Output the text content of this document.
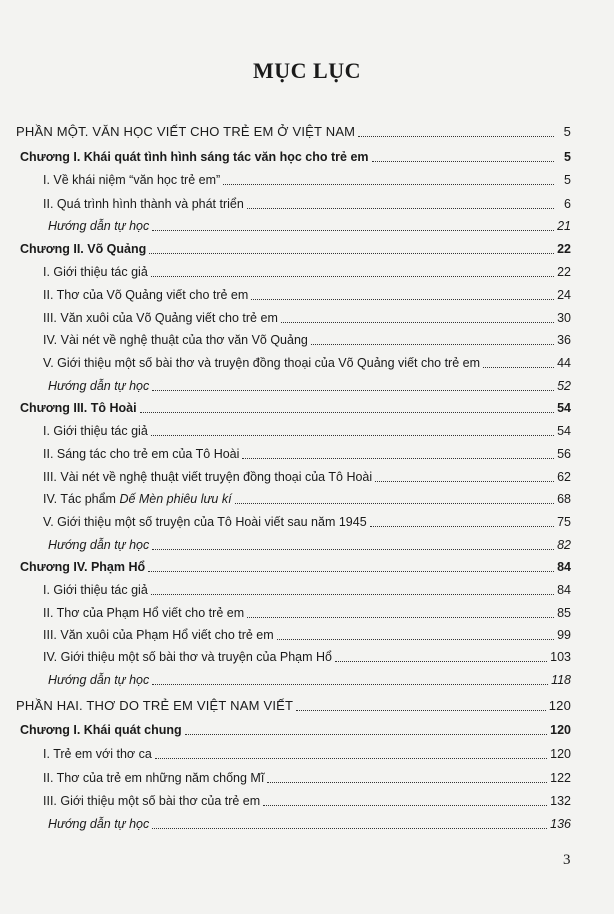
MỤC LỤC
PHẦN MỘT. VĂN HỌC VIẾT CHO TRẺ EM Ở VIỆT NAM	5
Chương I. Khái quát tình hình sáng tác văn học cho trẻ em	5
I. Về khái niệm “văn học trẻ em”	5
II. Quá trình hình thành và phát triển	6
Hướng dẫn tự học	21
Chương II. Võ Quảng	22
I. Giới thiệu tác giả	22
II. Thơ của Võ Quảng viết cho trẻ em	24
III. Văn xuôi của Võ Quảng viết cho trẻ em	30
IV. Vài nét về nghệ thuật của thơ văn Võ Quảng	36
V. Giới thiệu một số bài thơ và truyện đồng thoại của Võ Quảng viết cho trẻ em	44
Hướng dẫn tự học	52
Chương III. Tô Hoài	54
I. Giới thiệu tác giả	54
II. Sáng tác cho trẻ em của Tô Hoài	56
III. Vài nét về nghệ thuật viết truyện đồng thoại của Tô Hoài	62
IV. Tác phẩm Dế Mèn phiêu lưu kí	68
V. Giới thiệu một số truyện của Tô Hoài viết sau năm 1945	75
Hướng dẫn tự học	82
Chương IV. Phạm Hổ	84
I. Giới thiệu tác giả	84
II. Thơ của Phạm Hổ viết cho trẻ em	85
III. Văn xuôi của Phạm Hổ viết cho trẻ em	99
IV. Giới thiệu một số bài thơ và truyện của Phạm Hổ	103
Hướng dẫn tự học	118
PHẦN HAI. THƠ DO TRẺ EM VIỆT NAM VIẾT	120
Chương I. Khái quát chung	120
I. Trẻ em với thơ ca	120
II. Thơ của trẻ em những năm chống Mĩ	122
III. Giới thiệu một số bài thơ của trẻ em	132
Hướng dẫn tự học	136
3
